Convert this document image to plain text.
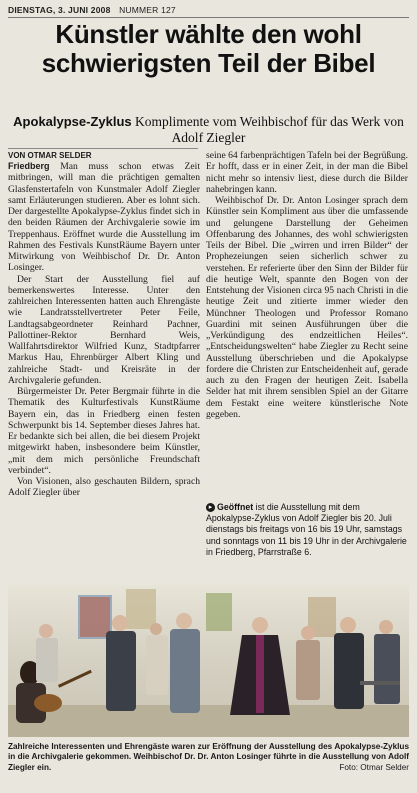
DIENSTAG, 3. JUNI 2008 NUMMER 127
Künstler wählte den wohl schwierigsten Teil der Bibel
Apokalypse-Zyklus Komplimente vom Weihbischof für das Werk von Adolf Ziegler
VON OTMAR SELDER

Friedberg Man muss schon etwas Zeit mitbringen, will man die prächtigen gemalten Glasfenstertafeln von Kunstmaler Adolf Ziegler samt Erläuterungen studieren. Aber es lohnt sich. Der dargestellte Apokalypse-Zyklus findet sich in den beiden Räumen der Archivgalerie sowie im Treppenhaus. Eröffnet wurde die Ausstellung im Rahmen des Festivals KunstRäume Bayern unter Mitwirkung von Weihbischof Dr. Dr. Anton Losinger.

Der Start der Ausstellung fiel auf bemerkenswertes Interesse. Unter den zahlreichen Interessenten hatten auch Ehrengäste wie Landratsstellvertreter Peter Feile, Landtagsabgeordneter Reinhard Pachner, Pallottiner-Rektor Bernhard Weis, Wallfahrtsdirektor Wilfried Kunz, Stadtpfarrer Markus Hau, Ehrenbürger Albert Kling und zahlreiche Stadt- und Kreisräte in der Archivgalerie gefunden.

Bürgermeister Dr. Peter Bergmair führte in die Thematik des Kulturfestivals KunstRäume Bayern ein, das in Friedberg einen festen Schwerpunkt bis 14. September dieses Jahres hat. Er bedankte sich bei allen, die bei diesem Projekt mitgewirkt haben, insbesondere beim Künstler, „mit dem mich persönliche Freundschaft verbindet“.

Von Visionen, also geschauten Bildern, sprach Adolf Ziegler über

seine 64 farbenprächtigen Tafeln bei der Begrüßung. Er hofft, dass er in einer Zeit, in der man die Bibel nicht mehr so intensiv liest, diese durch die Bilder nahebringen kann.

Weihbischof Dr. Dr. Anton Losinger sprach dem Künstler sein Kompliment aus über die umfassende und gelungene Darstellung der Geheimen Offenbarung des Johannes, des wohl schwierigsten Teils der Bibel. Die „wirren und irren Bilder“ der Prophezeiungen seien sicherlich schwer zu verstehen. Er referierte über den Sinn der Bilder für die heutige Welt, spannte den Bogen von der Entstehung der Visionen circa 95 nach Christi in die heutige Zeit und zitierte immer wieder den Münchner Theologen und Professor Romano Guardini mit seinen Ausführungen über die „Verkündigung des endzeitlichen Heiles“. „Entscheidungswelten“ habe Ziegler zu Recht seine Ausstellung überschrieben und die Apokalypse fordere die Christen zur Entscheidenheit auf, gerade auch zu den Fragen der heutigen Zeit. Isabella Selder hat mit ihrem sensiblen Spiel an der Gitarre dem Festakt eine weitere künstlerische Note gegeben.

▸ Geöffnet ist die Ausstellung mit dem Apokalypse-Zyklus von Adolf Ziegler bis 20. Juli dienstags bis freitags von 16 bis 19 Uhr, samstags und sonntags von 11 bis 19 Uhr in der Archivgalerie in Friedberg, Pfarrstraße 6.
Zahlreiche Interessenten und Ehrengäste waren zur Eröffnung der Ausstellung des Apokalypse-Zyklus in die Archivgalerie gekommen. Weihbischof Dr. Dr. Anton Losinger führte in die Ausstellung von Adolf Ziegler ein.	Foto: Otmar Selder
